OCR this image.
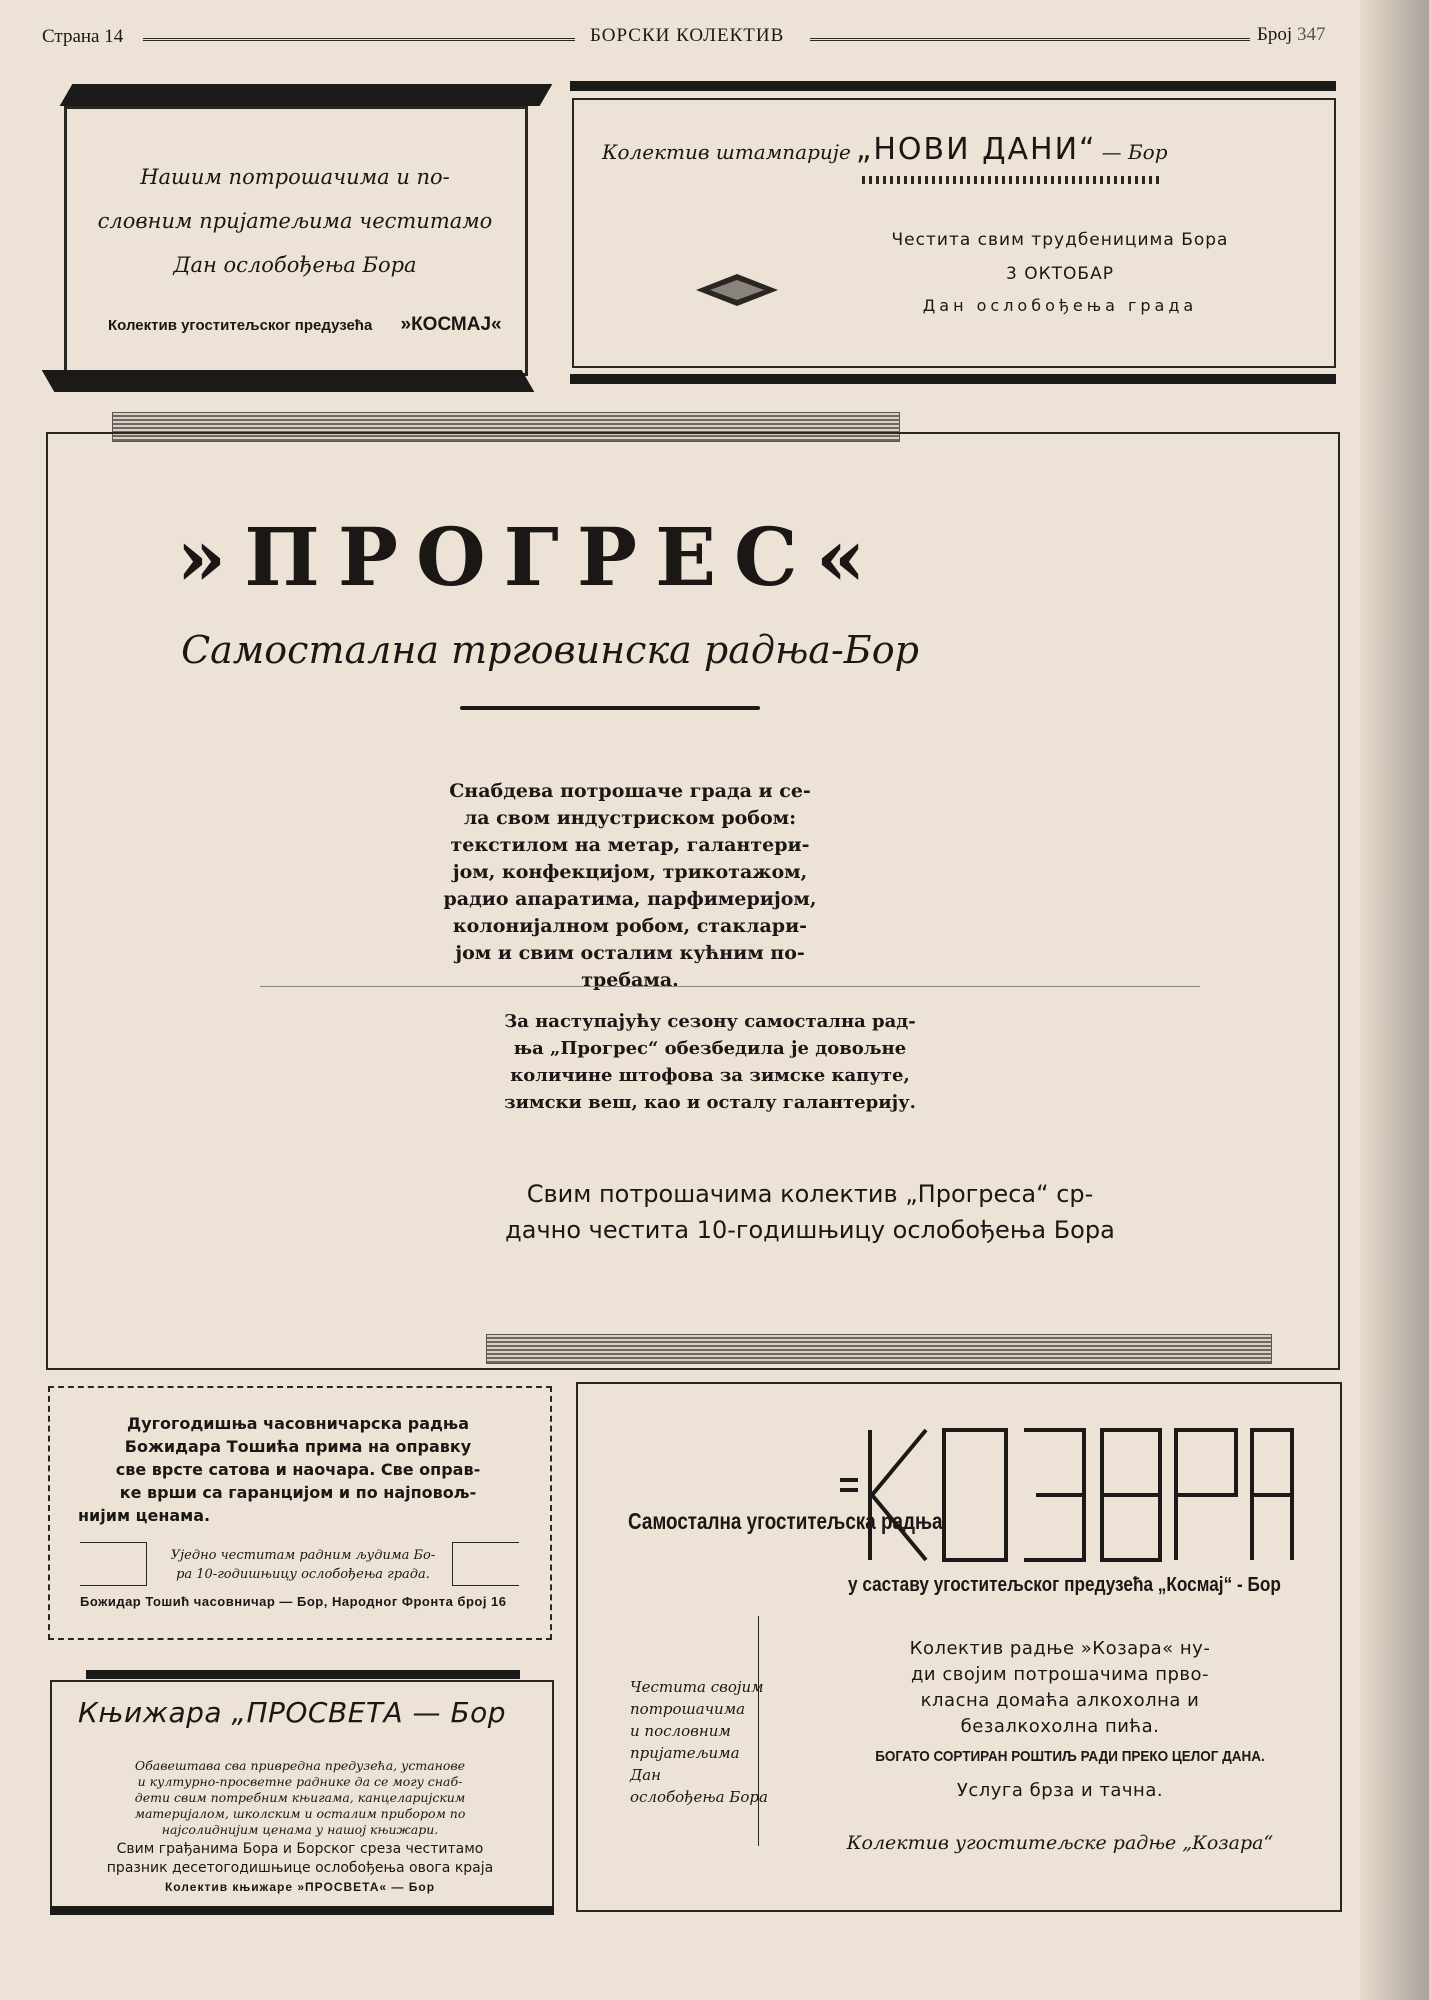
Страна 14	БОРСКИ КОЛЕКТИВ	Број 347
Нашим потрошачима и по-
словним пријатељима честитамо
Дан ослобођења Бора
Колектив угоститељског предузећа »КОСМАЈ«
Колектив штампарије „НОВИ ДАНИ“ — Бор
Честита свим трудбеницима Бора
3 ОКТОБАР
Дан ослобођења града
»ПРОГРЕС«
Самостална трговинска радња-Бор
Снабдева потрошаче града и се-
ла свом индустриском робом:
текстилом на метар, галантери-
јом, конфекцијом, трикотажом,
радио апаратима, парфимеријом,
колонијалном робом, стаклари-
јом и свим осталим кућним по-
требама.
За наступајућу сезону самостална рад-
ња „Прогрес“ обезбедила је довољне
количине штофова за зимске капуте,
зимски веш, као и осталу галантерију.
Свим потрошачима колектив „Прогреса“ ср-
дачно честита 10-годишњицу ослобођења Бора
Дугогодишња часовничарска радња
Божидара Тошића прима на оправку
све врсте сатова и наочара. Све оправ-
ке врши са гаранцијом и по најповољ-
нијим ценама.
Уједно честитам радним људима Бо-
ра 10-годишњицу ослобођења града.
Божидар Тошић часовничар — Бор, Народног Фронта број 16
Књижара „ПРОСВЕТА — Бор
Обавештава сва привредна предузећа, установе
и културно-просветне раднике да се могу снаб-
дети свим потребним књигама, канцеларијским
материјалом, школским и осталим прибором по
најсолиднијим ценама у нашој књижари.
Свим грађанима Бора и Борског среза честитамо
празник десетогодишњице ослобођења овога краја
Колектив књижаре »ПРОСВЕТА« — Бор
Самостална угоститељска радња
у саставу угоститељског предузећа „Космај“ - Бор
Честита својим
потрошачима
и пословним
пријатељима
Дан
ослобођења Бора
Колектив радње »Козара« ну-
ди својим потрошачима прво-
класна домаћа алкохолна и
безалкохолна пића.
БОГАТО СОРТИРАН РОШТИЉ РАДИ ПРЕКО ЦЕЛОГ ДАНА.
Услуга брза и тачна.
Колектив угоститељске радње „Козара“
